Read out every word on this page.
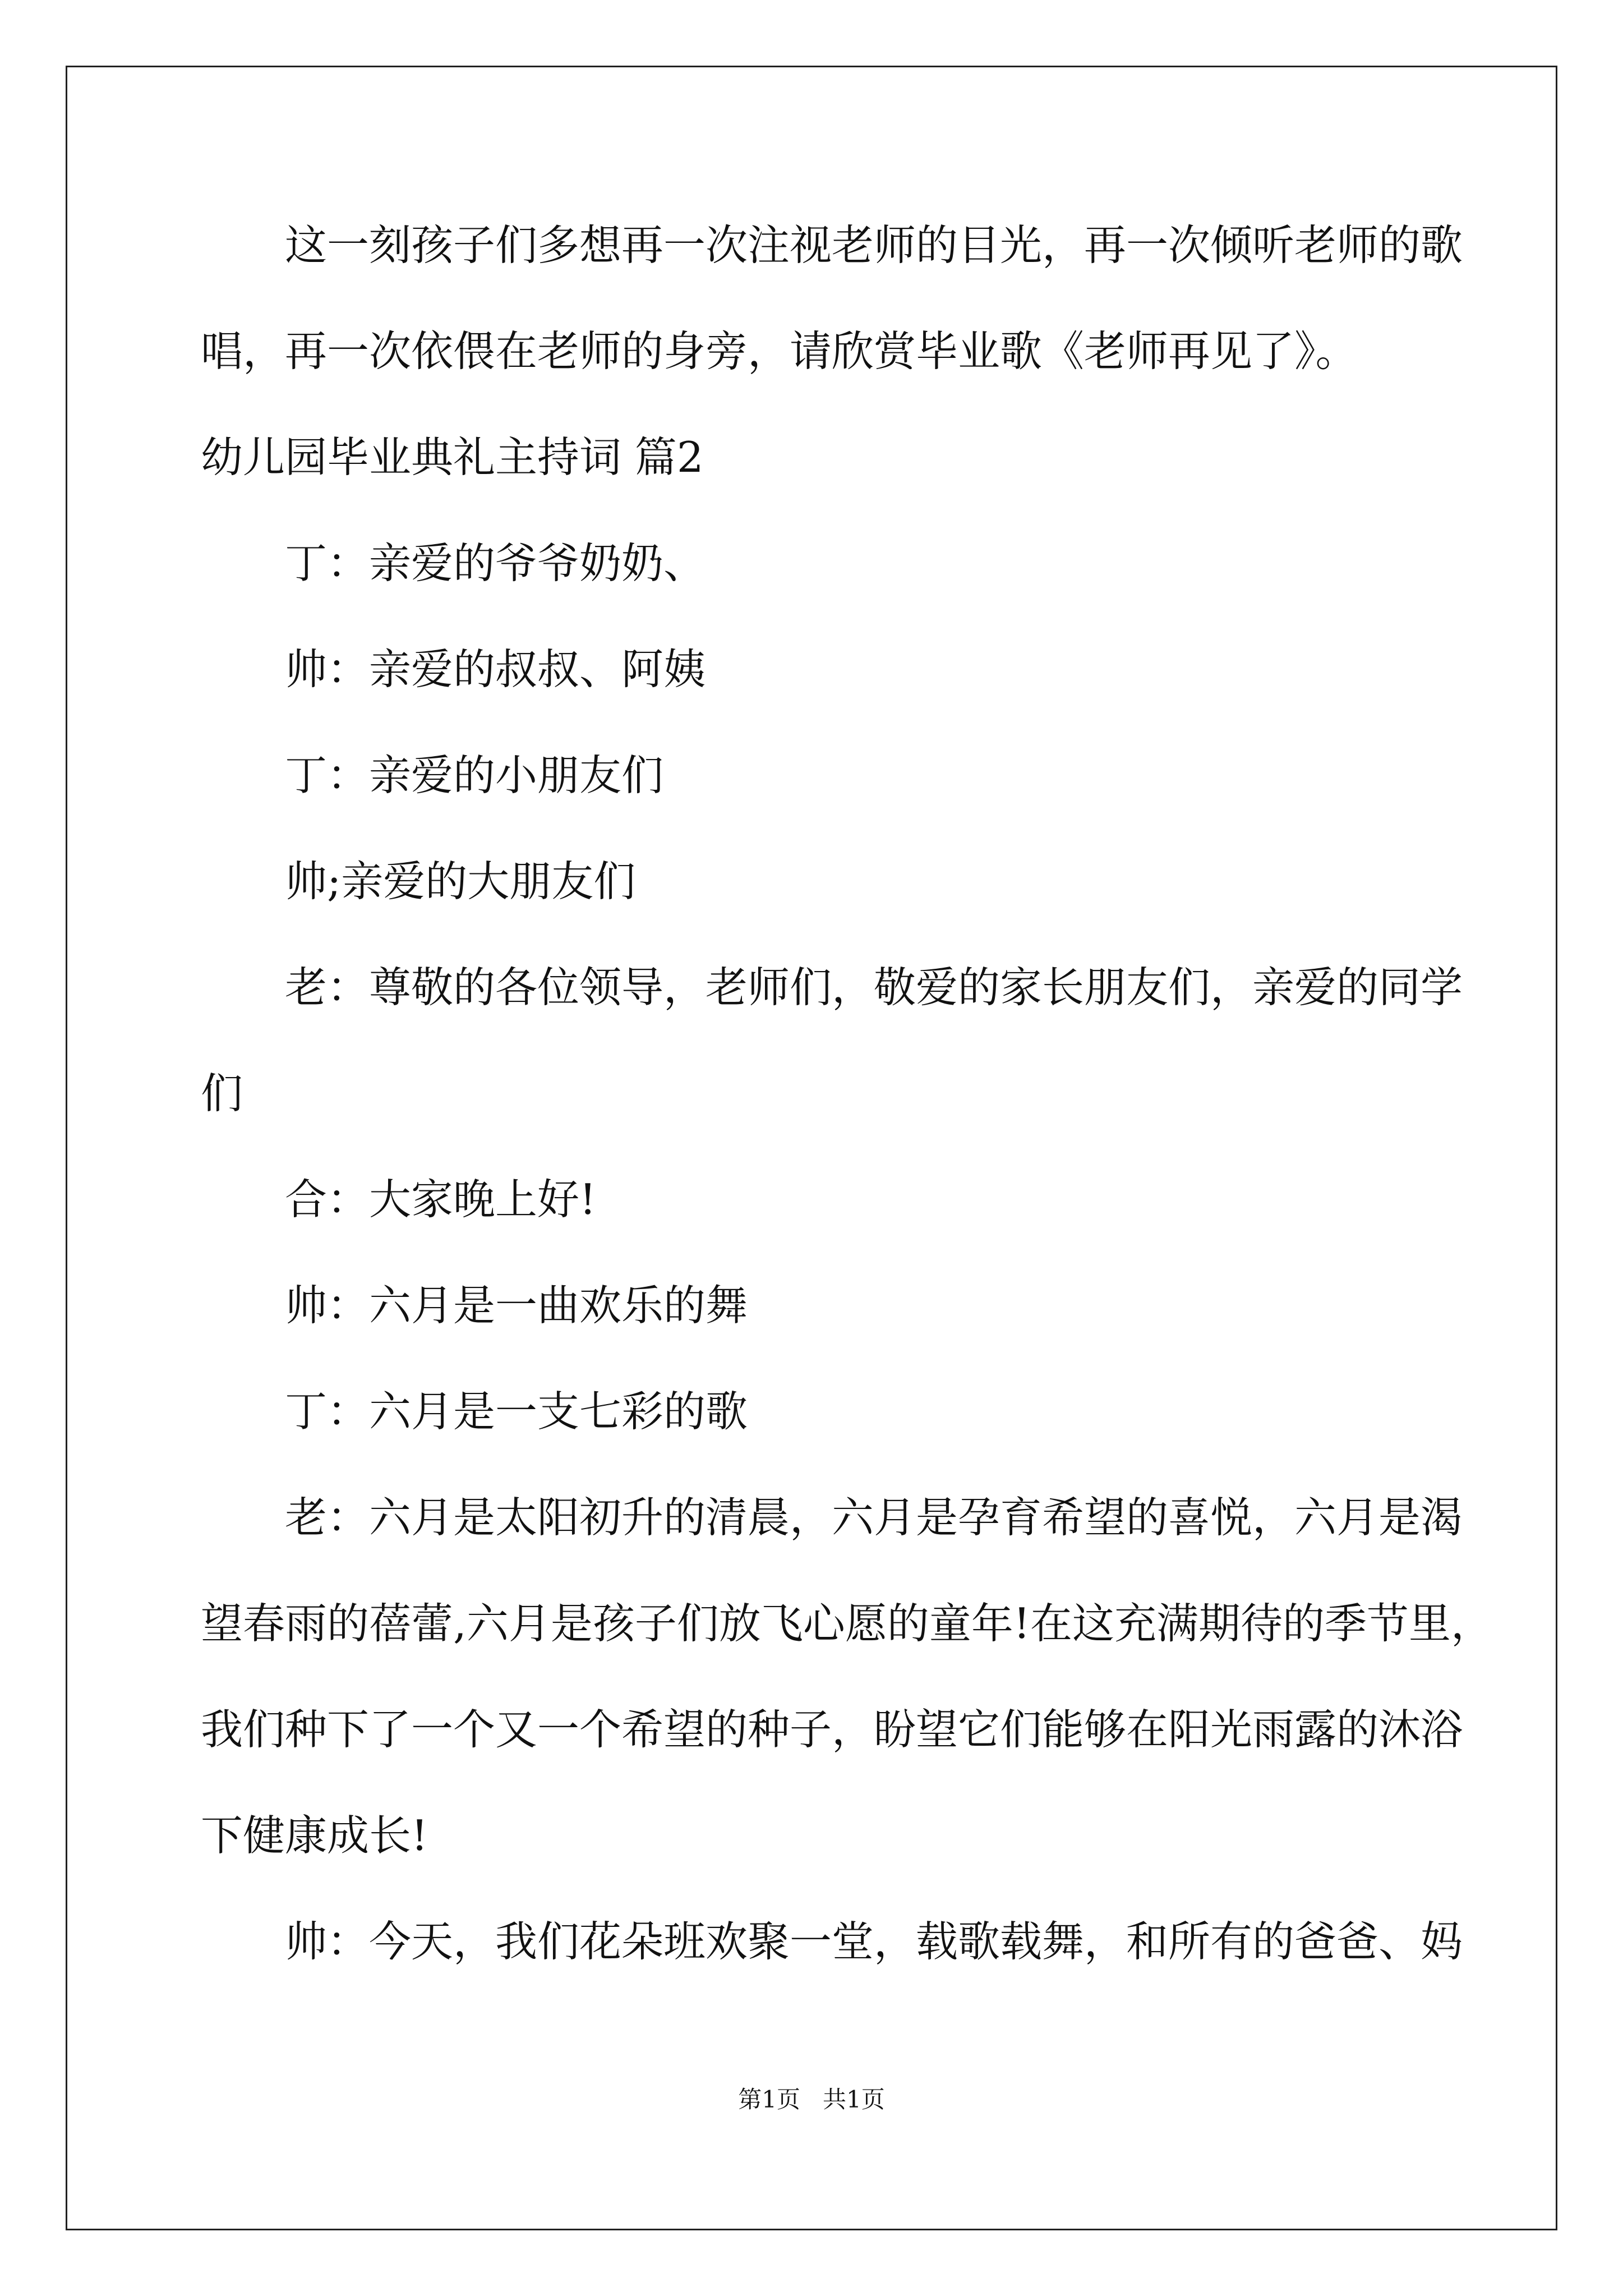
这一刻孩子们多想再一次注视老师的目光，再一次倾听老师的歌
唱，再一次依偎在老师的身旁，请欣赏毕业歌《老师再见了》。
幼儿园毕业典礼主持词 篇2
丁：亲爱的爷爷奶奶、
帅：亲爱的叔叔、阿姨
丁：亲爱的小朋友们
帅;亲爱的大朋友们
老：尊敬的各位领导，老师们，敬爱的家长朋友们，亲爱的同学
们
合：大家晚上好!
帅：六月是一曲欢乐的舞
丁：六月是一支七彩的歌
老：六月是太阳初升的清晨，六月是孕育希望的喜悦，六月是渴
望春雨的蓓蕾,六月是孩子们放飞心愿的童年!在这充满期待的季节里，
我们种下了一个又一个希望的种子，盼望它们能够在阳光雨露的沐浴
下健康成长!
帅：今天，我们花朵班欢聚一堂，载歌载舞，和所有的爸爸、妈
第1页   共1页
